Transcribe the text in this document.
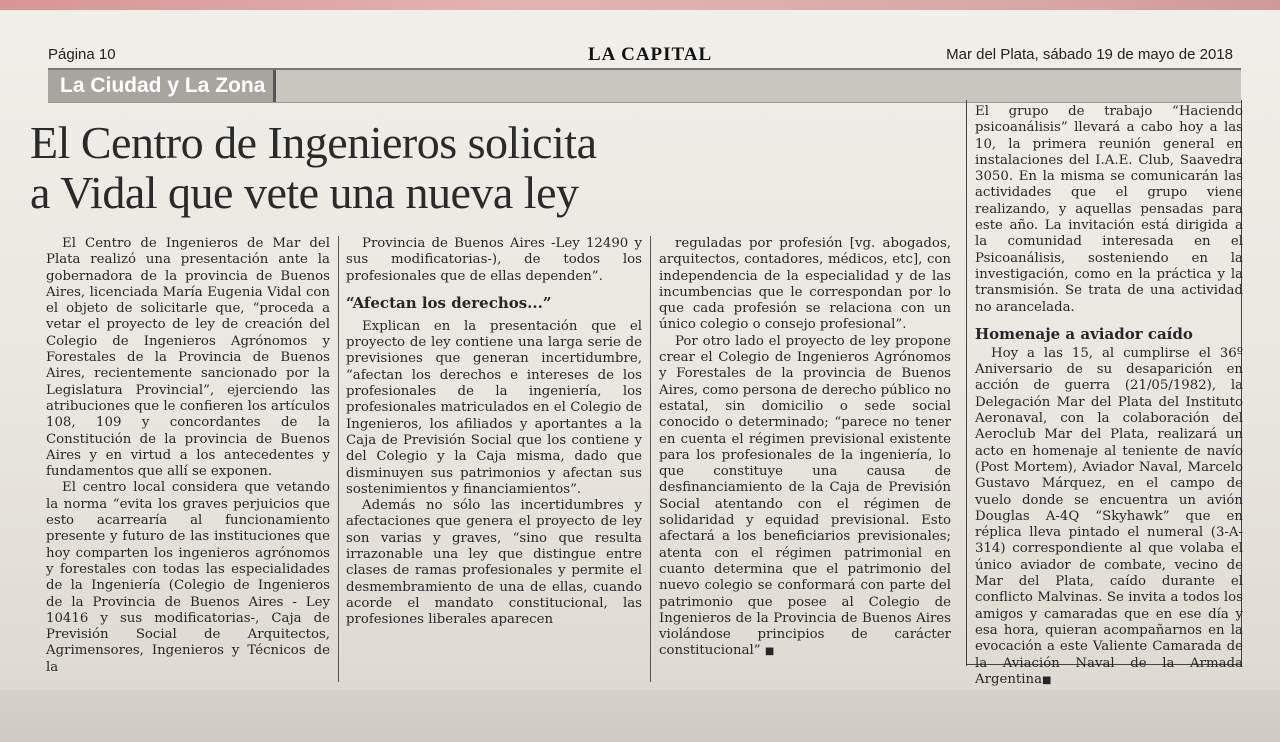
Página 10	LA CAPITAL	Mar del Plata, sábado 19 de mayo de 2018
La Ciudad y La Zona
El Centro de Ingenieros solicita
a Vidal que vete una nueva ley

El Centro de Ingenieros de Mar del Plata realizó una presentación ante la gobernadora de la provincia de Buenos Aires, licenciada María Eugenia Vidal con el objeto de solicitarle que, “proceda a vetar el proyecto de ley de creación del Colegio de Ingenieros Agrónomos y Forestales de la Provincia de Buenos Aires, recientemente sancionado por la Legislatura Provincial”, ejerciendo las atribuciones que le confieren los artículos 108, 109 y concordantes de la Constitución de la provincia de Buenos Aires y en virtud a los antecedentes y fundamentos que allí se exponen.

El centro local considera que vetando la norma “evita los graves perjuicios que esto acarrearía al funcionamiento presente y futuro de las instituciones que hoy comparten los ingenieros agrónomos y forestales con todas las especialidades de la Ingeniería (Colegio de Ingenieros de la Provincia de Buenos Aires - Ley 10416 y sus modificatorias-, Caja de Previsión Social de Arquitectos, Agrimensores, Ingenieros y Técnicos de la

Provincia de Buenos Aires -Ley 12490 y sus modificatorias-), de todos los profesionales que de ellas dependen”.

“Afectan los derechos...”

Explican en la presentación que el proyecto de ley contiene una larga serie de previsiones que generan incertidumbre, “afectan los derechos e intereses de los profesionales de la ingeniería, los profesionales matriculados en el Colegio de Ingenieros, los afiliados y aportantes a la Caja de Previsión Social que los contiene y del Colegio y la Caja misma, dado que disminuyen sus patrimonios y afectan sus sostenimientos y financiamientos”.

Además no sólo las incertidumbres y afectaciones que genera el proyecto de ley son varias y graves, “sino que resulta irrazonable una ley que distingue entre clases de ramas profesionales y permite el desmembramiento de una de ellas, cuando acorde el mandato constitucional, las profesiones liberales aparecen

reguladas por profesión [vg. abogados, arquitectos, contadores, médicos, etc], con independencia de la especialidad y de las incumbencias que le correspondan por lo que cada profesión se relaciona con un único colegio o consejo profesional”.

Por otro lado el proyecto de ley propone crear el Colegio de Ingenieros Agrónomos y Forestales de la provincia de Buenos Aires, como persona de derecho público no estatal, sin domicilio o sede social conocido o determinado; “parece no tener en cuenta el régimen previsional existente para los profesionales de la ingeniería, lo que constituye una causa de desfinanciamiento de la Caja de Previsión Social atentando con el régimen de solidaridad y equidad previsional. Esto afectará a los beneficiarios previsionales; atenta con el régimen patrimonial en cuanto determina que el patrimonio del nuevo colegio se conformará con parte del patrimonio que posee al Colegio de Ingenieros de la Provincia de Buenos Aires violándose principios de carácter constitucional” ■

El grupo de trabajo “Haciendo psicoanálisis” llevará a cabo hoy a las 10, la primera reunión general en instalaciones del I.A.E. Club, Saavedra 3050. En la misma se comunicarán las actividades que el grupo viene realizando, y aquellas pensadas para este año. La invitación está dirigida a la comunidad interesada en el Psicoanálisis, sosteniendo en la investigación, como en la práctica y la transmisión. Se trata de una actividad no arancelada.

Homenaje a aviador caído

Hoy a las 15, al cumplirse el 36º Aniversario de su desaparición en acción de guerra (21/05/1982), la Delegación Mar del Plata del Instituto Aeronaval, con la colaboración del Aeroclub Mar del Plata, realizará un acto en homenaje al teniente de navío (Post Mortem), Aviador Naval, Marcelo Gustavo Márquez, en el campo de vuelo donde se encuentra un avión Douglas A-4Q “Skyhawk” que en réplica lleva pintado el numeral (3-A-314) correspondiente al que volaba el único aviador de combate, vecino de Mar del Plata, caído durante el conflicto Malvinas. Se invita a todos los amigos y camaradas que en ese día y esa hora, quieran acompañarnos en la evocación a este Valiente Camarada de la Aviación Naval de la Armada Argentina■
